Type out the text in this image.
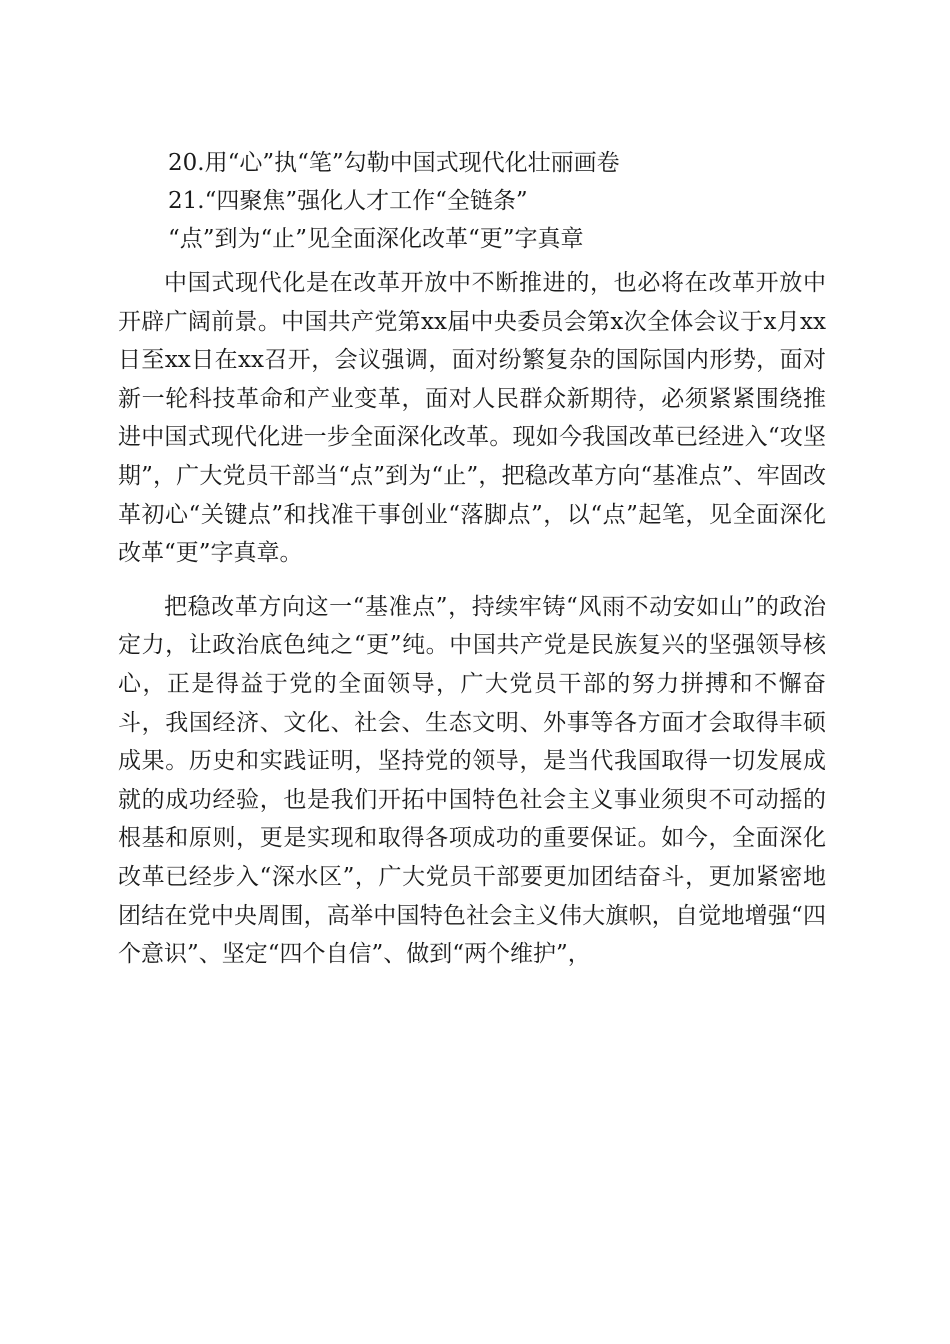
20.用“心”执“笔”勾勒中国式现代化壮丽画卷
21.“四聚焦”强化人才工作“全链条”
“点”到为“止”见全面深化改革“更”字真章

中国式现代化是在改革开放中不断推进的，也必将在改革开放中开辟广阔前景。中国共产党第xx届中央委员会第x次全体会议于x月xx日至xx日在xx召开，会议强调，面对纷繁复杂的国际国内形势，面对新一轮科技革命和产业变革，面对人民群众新期待，必须紧紧围绕推进中国式现代化进一步全面深化改革。现如今我国改革已经进入“攻坚期”，广大党员干部当“点”到为“止”，把稳改革方向“基准点”、牢固改革初心“关键点”和找准干事创业“落脚点”，以“点”起笔，见全面深化改革“更”字真章。

把稳改革方向这一“基准点”，持续牢铸“风雨不动安如山”的政治定力，让政治底色纯之“更”纯。中国共产党是民族复兴的坚强领导核心，正是得益于党的全面领导，广大党员干部的努力拼搏和不懈奋斗，我国经济、文化、社会、生态文明、外事等各方面才会取得丰硕成果。历史和实践证明，坚持党的领导，是当代我国取得一切发展成就的成功经验，也是我们开拓中国特色社会主义事业须臾不可动摇的根基和原则，更是实现和取得各项成功的重要保证。如今，全面深化改革已经步入“深水区”，广大党员干部要更加团结奋斗，更加紧密地团结在党中央周围，高举中国特色社会主义伟大旗帜，自觉地增强“四个意识”、坚定“四个自信”、做到“两个维护”，
